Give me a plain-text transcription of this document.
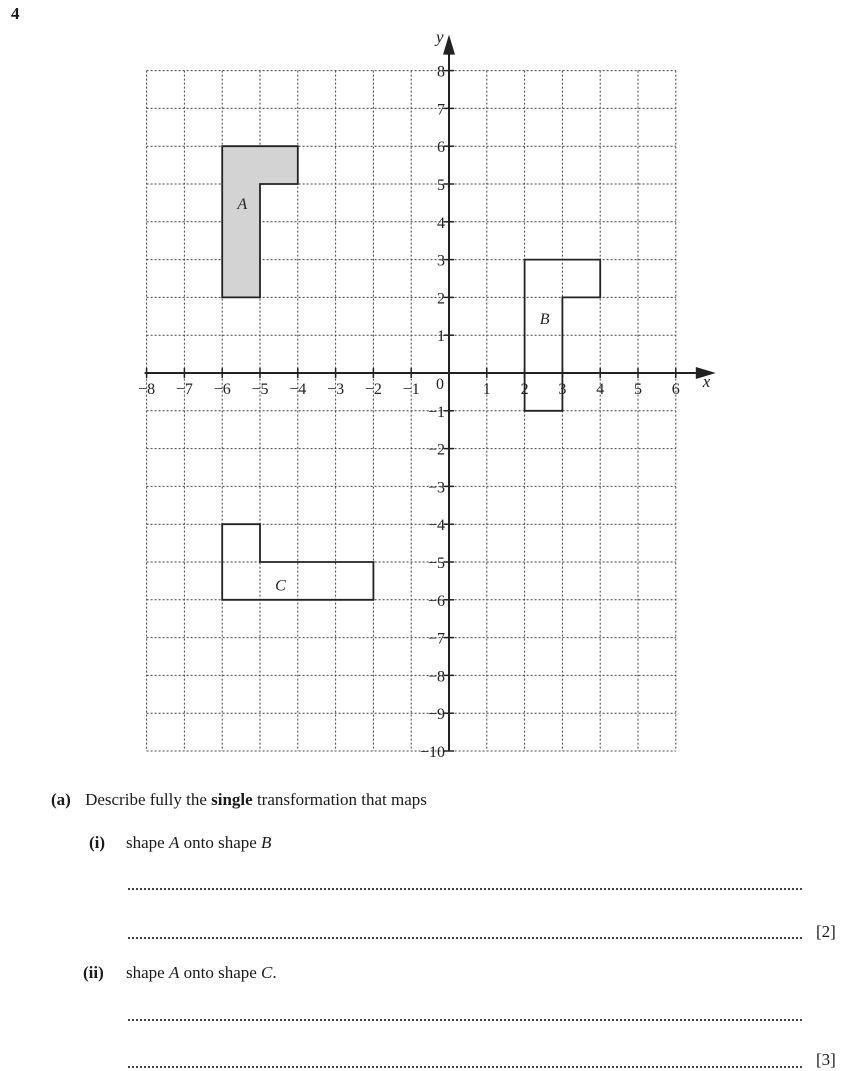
4
A
B
C
x
y
−8 −7 −6 −5 −4 −3 −2 −1	1 2 3 4 5 6
8
7
6
5
4
3
2
1
−1
−2
−3
−4
−5
−6
−7
−8
−9
−10
0
(a) Describe fully the single transformation that maps
(i) shape A onto shape B
[2]
(ii) shape A onto shape C.
[3]
